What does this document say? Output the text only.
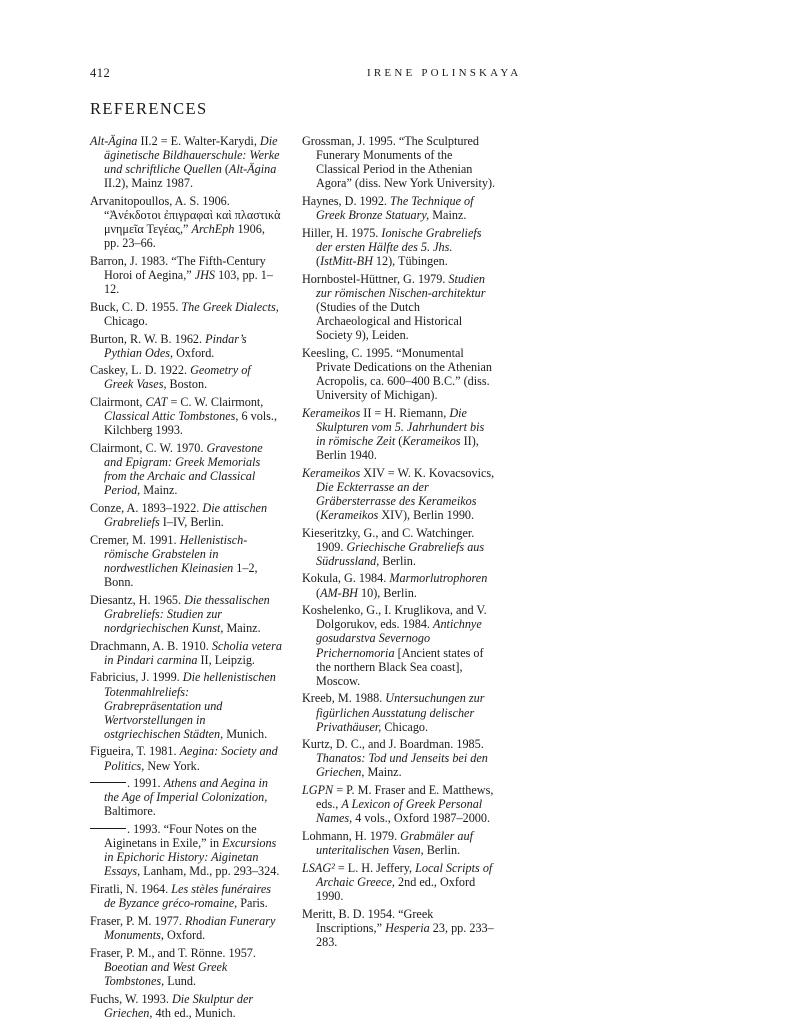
412	IRENE POLINSKAYA
REFERENCES

Alt-Ägina II.2 = E. Walter-Karydi, Die äginetische Bildhauerschule: Werke und schriftliche Quellen (Alt-Ägina II.2), Mainz 1987.

Arvanitopoullos, A. S. 1906. “Ἀνέκδοτοι ἐπιγραφαὶ καὶ πλαστικὰ μνημεῖα Τεγέας,” ArchEph 1906, pp. 23–66.

Barron, J. 1983. “The Fifth-Century Horoi of Aegina,” JHS 103, pp. 1–12.

Buck, C. D. 1955. The Greek Dialects, Chicago.

Burton, R. W. B. 1962. Pindar’s Pythian Odes, Oxford.

Caskey, L. D. 1922. Geometry of Greek Vases, Boston.

Clairmont, CAT = C. W. Clairmont, Classical Attic Tombstones, 6 vols., Kilchberg 1993.

Clairmont, C. W. 1970. Gravestone and Epigram: Greek Memorials from the Archaic and Classical Period, Mainz.

Conze, A. 1893–1922. Die attischen Grabreliefs I–IV, Berlin.

Cremer, M. 1991. Hellenistisch-römische Grabstelen in nordwestlichen Kleinasien 1–2, Bonn.

Diesantz, H. 1965. Die thessalischen Grabreliefs: Studien zur nordgriechischen Kunst, Mainz.

Drachmann, A. B. 1910. Scholia vetera in Pindari carmina II, Leipzig.

Fabricius, J. 1999. Die hellenistischen Totenmahlreliefs: Grabrepräsentation und Wertvorstellungen in ostgriechischen Städten, Munich.

Figueira, T. 1981. Aegina: Society and Politics, New York.

. 1991. Athens and Aegina in the Age of Imperial Colonization, Baltimore.

. 1993. “Four Notes on the Aiginetans in Exile,” in Excursions in Epichoric History: Aiginetan Essays, Lanham, Md., pp. 293–324.

Firatli, N. 1964. Les stèles funéraires de Byzance gréco-romaine, Paris.

Fraser, P. M. 1977. Rhodian Funerary Monuments, Oxford.

Fraser, P. M., and T. Rönne. 1957. Boeotian and West Greek Tombstones, Lund.

Fuchs, W. 1993. Die Skulptur der Griechen, 4th ed., Munich.

Grossman, J. 1995. “The Sculptured Funerary Monuments of the Classical Period in the Athenian Agora” (diss. New York University).

Haynes, D. 1992. The Technique of Greek Bronze Statuary, Mainz.

Hiller, H. 1975. Ionische Grabreliefs der ersten Hälfte des 5. Jhs. (IstMitt-BH 12), Tübingen.

Hornbostel-Hüttner, G. 1979. Studien zur römischen Nischen-architektur (Studies of the Dutch Archaeological and Historical Society 9), Leiden.

Keesling, C. 1995. “Monumental Private Dedications on the Athenian Acropolis, ca. 600–400 B.C.” (diss. University of Michigan).

Kerameikos II = H. Riemann, Die Skulpturen vom 5. Jahrhundert bis in römische Zeit (Kerameikos II), Berlin 1940.

Kerameikos XIV = W. K. Kovacsovics, Die Eckterrasse an der Gräbersterrasse des Kerameikos (Kerameikos XIV), Berlin 1990.

Kieseritzky, G., and C. Watchinger. 1909. Griechische Grabreliefs aus Südrussland, Berlin.

Kokula, G. 1984. Marmorlutrophoren (AM-BH 10), Berlin.

Koshelenko, G., I. Kruglikova, and V. Dolgorukov, eds. 1984. Antichnye gosudarstva Severnogo Prichernomoria [Ancient states of the northern Black Sea coast], Moscow.

Kreeb, M. 1988. Untersuchungen zur figürlichen Ausstatung delischer Privathäuser, Chicago.

Kurtz, D. C., and J. Boardman. 1985. Thanatos: Tod und Jenseits bei den Griechen, Mainz.

LGPN = P. M. Fraser and E. Matthews, eds., A Lexicon of Greek Personal Names, 4 vols., Oxford 1987–2000.

Lohmann, H. 1979. Grabmäler auf unteritalischen Vasen, Berlin.

LSAG² = L. H. Jeffery, Local Scripts of Archaic Greece, 2nd ed., Oxford 1990.

Meritt, B. D. 1954. “Greek Inscriptions,” Hesperia 23, pp. 233–283.
